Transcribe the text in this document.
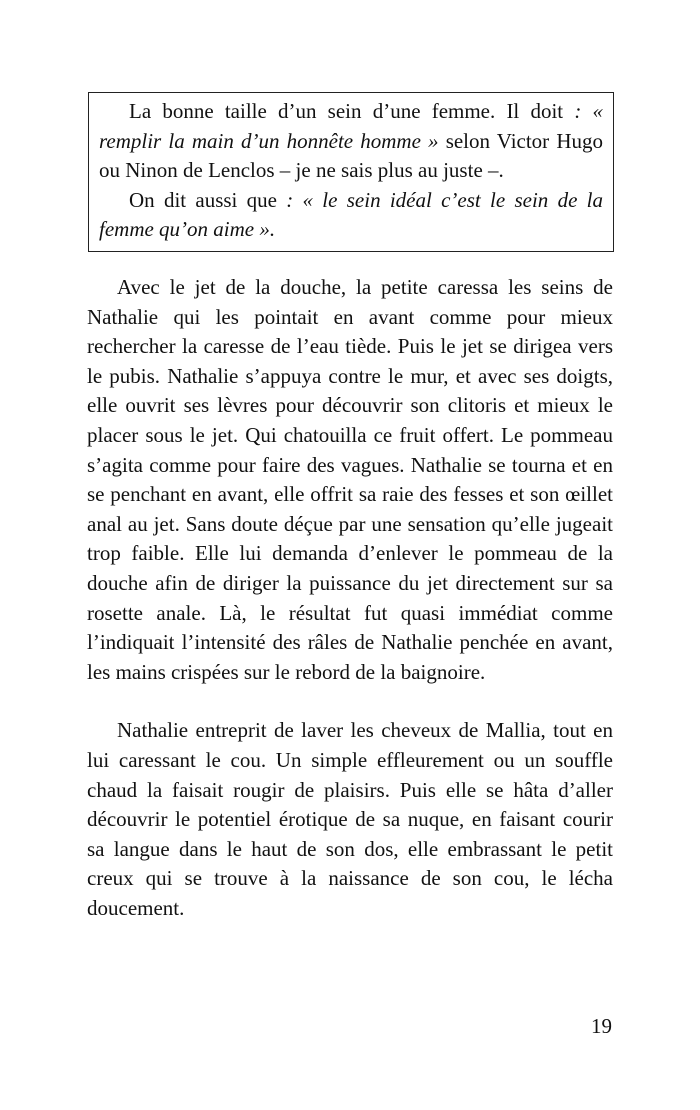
La bonne taille d’un sein d’une femme. Il doit : « remplir la main d’un honnête homme » selon Victor Hugo ou Ninon de Lenclos – je ne sais plus au juste –.

On dit aussi que : « le sein idéal c’est le sein de la femme qu’on aime ».

Avec le jet de la douche, la petite caressa les seins de Nathalie qui les pointait en avant comme pour mieux rechercher la caresse de l’eau tiède. Puis le jet se dirigea vers le pubis. Nathalie s’appuya contre le mur, et avec ses doigts, elle ouvrit ses lèvres pour découvrir son clitoris et mieux le placer sous le jet. Qui chatouilla ce fruit offert. Le pommeau s’agita comme pour faire des vagues. Nathalie se tourna et en se penchant en avant, elle offrit sa raie des fesses et son œillet anal au jet. Sans doute déçue par une sensation qu’elle jugeait trop faible. Elle lui demanda d’enlever le pommeau de la douche afin de diriger la puissance du jet directement sur sa rosette anale. Là, le résultat fut quasi immédiat comme l’indiquait l’intensité des râles de Nathalie penchée en avant, les mains crispées sur le rebord de la baignoire.

Nathalie entreprit de laver les cheveux de Mallia, tout en lui caressant le cou. Un simple effleurement ou un souffle chaud la faisait rougir de plaisirs. Puis elle se hâta d’aller découvrir le potentiel érotique de sa nuque, en faisant courir sa langue dans le haut de son dos, elle embrassant le petit creux qui se trouve à la naissance de son cou, le lécha doucement.

19
